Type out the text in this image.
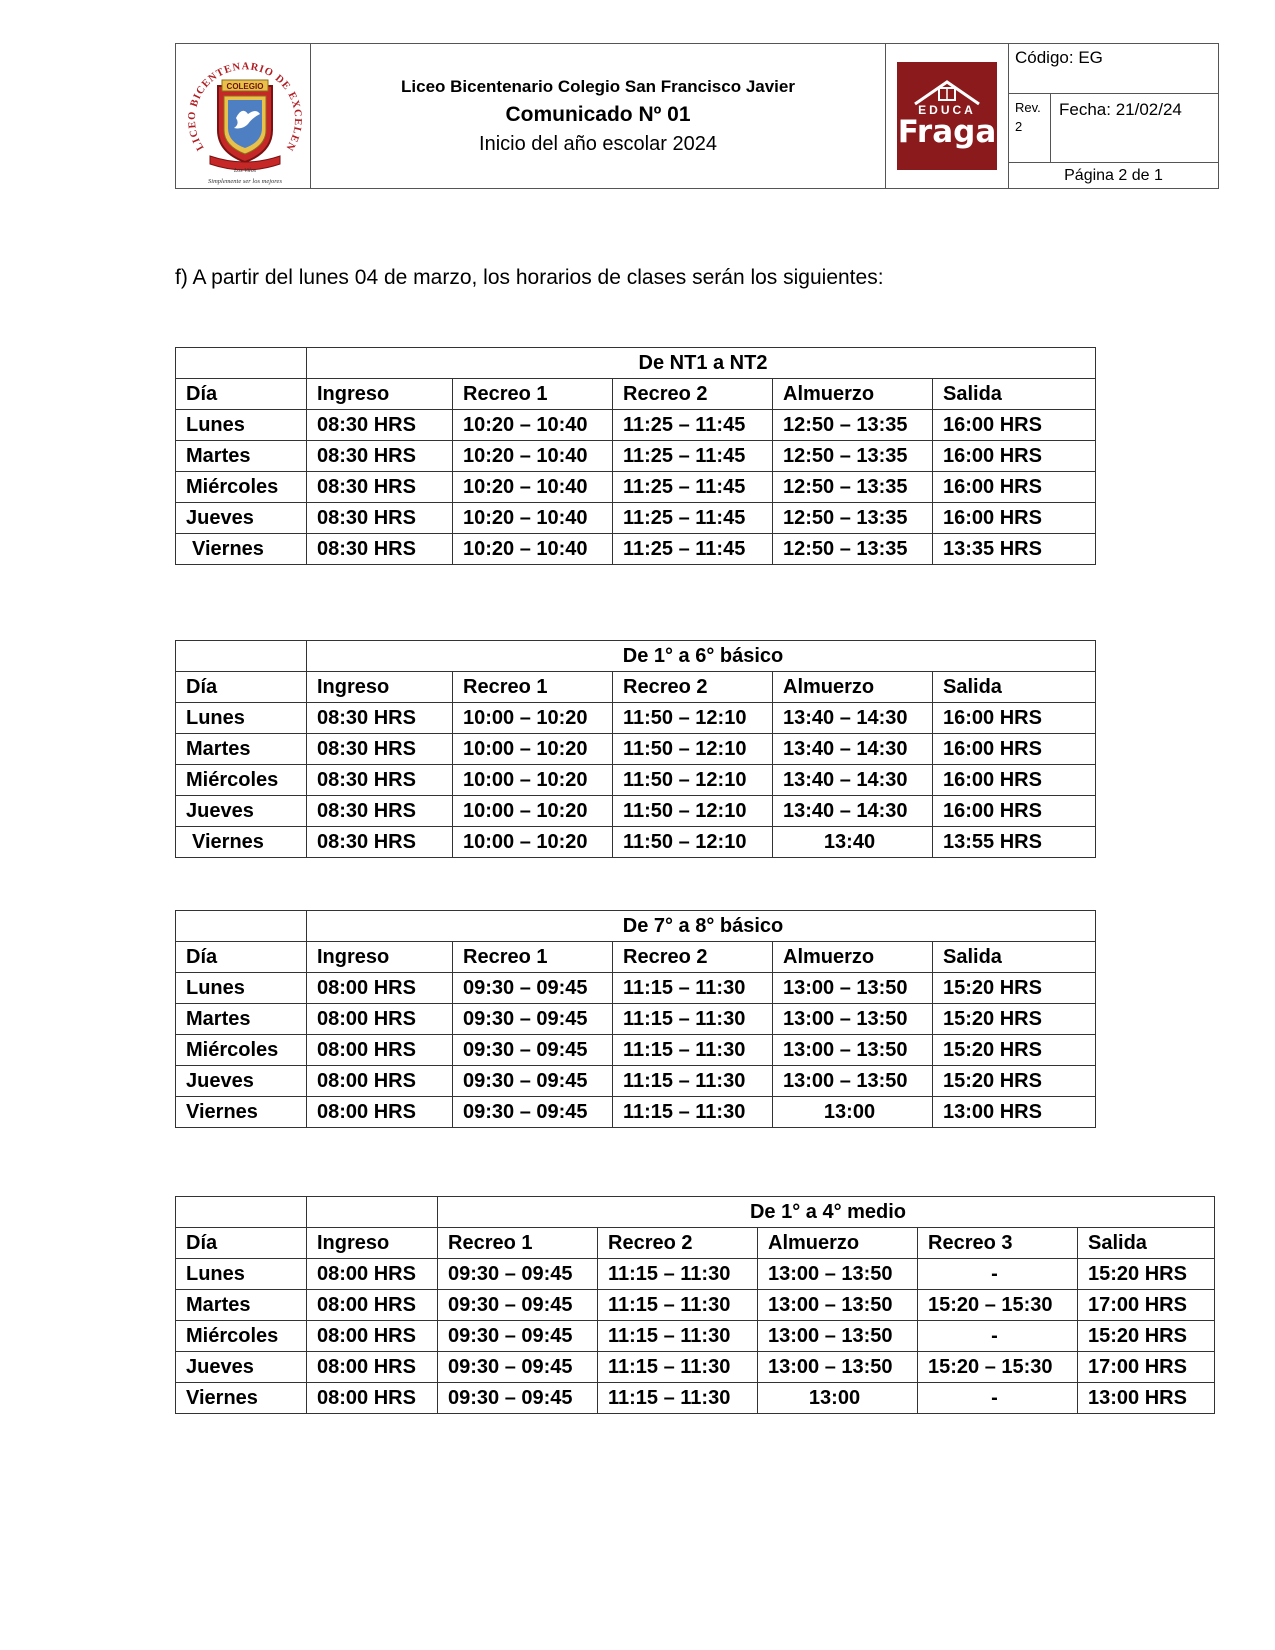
LICEO BICENTENARIO DE EXCELEN
COLEGIO
Los Vilos
Simplemente ser los mejores
Liceo Bicentenario Colegio San Francisco Javier
Comunicado Nº 01
Inicio del año escolar 2024
EDUCA
Fraga
Código: EG
Rev. 2
Fecha: 21/02/24
Página 2 de 1
f) A partir del lunes 04 de marzo, los horarios de clases serán los siguientes:
	De NT1 a NT2				
Día	Ingreso	Recreo 1	Recreo 2	Almuerzo	Salida
Lunes	08:30 HRS	10:20 – 10:40	11:25 – 11:45	12:50 – 13:35	16:00 HRS
Martes	08:30 HRS	10:20 – 10:40	11:25 – 11:45	12:50 – 13:35	16:00 HRS
Miércoles	08:30 HRS	10:20 – 10:40	11:25 – 11:45	12:50 – 13:35	16:00 HRS
Jueves	08:30 HRS	10:20 – 10:40	11:25 – 11:45	12:50 – 13:35	16:00 HRS
Viernes	08:30 HRS	10:20 – 10:40	11:25 – 11:45	12:50 – 13:35	13:35 HRS
	De 1° a 6° básico				
Día	Ingreso	Recreo 1	Recreo 2	Almuerzo	Salida
Lunes	08:30 HRS	10:00 – 10:20	11:50 – 12:10	13:40 – 14:30	16:00 HRS
Martes	08:30 HRS	10:00 – 10:20	11:50 – 12:10	13:40 – 14:30	16:00 HRS
Miércoles	08:30 HRS	10:00 – 10:20	11:50 – 12:10	13:40 – 14:30	16:00 HRS
Jueves	08:30 HRS	10:00 – 10:20	11:50 – 12:10	13:40 – 14:30	16:00 HRS
Viernes	08:30 HRS	10:00 – 10:20	11:50 – 12:10	13:40	13:55 HRS
	De 7° a 8° básico				
Día	Ingreso	Recreo 1	Recreo 2	Almuerzo	Salida
Lunes	08:00 HRS	09:30 – 09:45	11:15 – 11:30	13:00 – 13:50	15:20 HRS
Martes	08:00 HRS	09:30 – 09:45	11:15 – 11:30	13:00 – 13:50	15:20 HRS
Miércoles	08:00 HRS	09:30 – 09:45	11:15 – 11:30	13:00 – 13:50	15:20 HRS
Jueves	08:00 HRS	09:30 – 09:45	11:15 – 11:30	13:00 – 13:50	15:20 HRS
Viernes	08:00 HRS	09:30 – 09:45	11:15 – 11:30	13:00	13:00 HRS
		De 1° a 4° medio				
Día	Ingreso	Recreo 1	Recreo 2	Almuerzo	Recreo 3	Salida
Lunes	08:00 HRS	09:30 – 09:45	11:15 – 11:30	13:00 – 13:50	-	15:20 HRS
Martes	08:00 HRS	09:30 – 09:45	11:15 – 11:30	13:00 – 13:50	15:20 – 15:30	17:00 HRS
Miércoles	08:00 HRS	09:30 – 09:45	11:15 – 11:30	13:00 – 13:50	-	15:20 HRS
Jueves	08:00 HRS	09:30 – 09:45	11:15 – 11:30	13:00 – 13:50	15:20 – 15:30	17:00 HRS
Viernes	08:00 HRS	09:30 – 09:45	11:15 – 11:30	13:00	-	13:00 HRS
